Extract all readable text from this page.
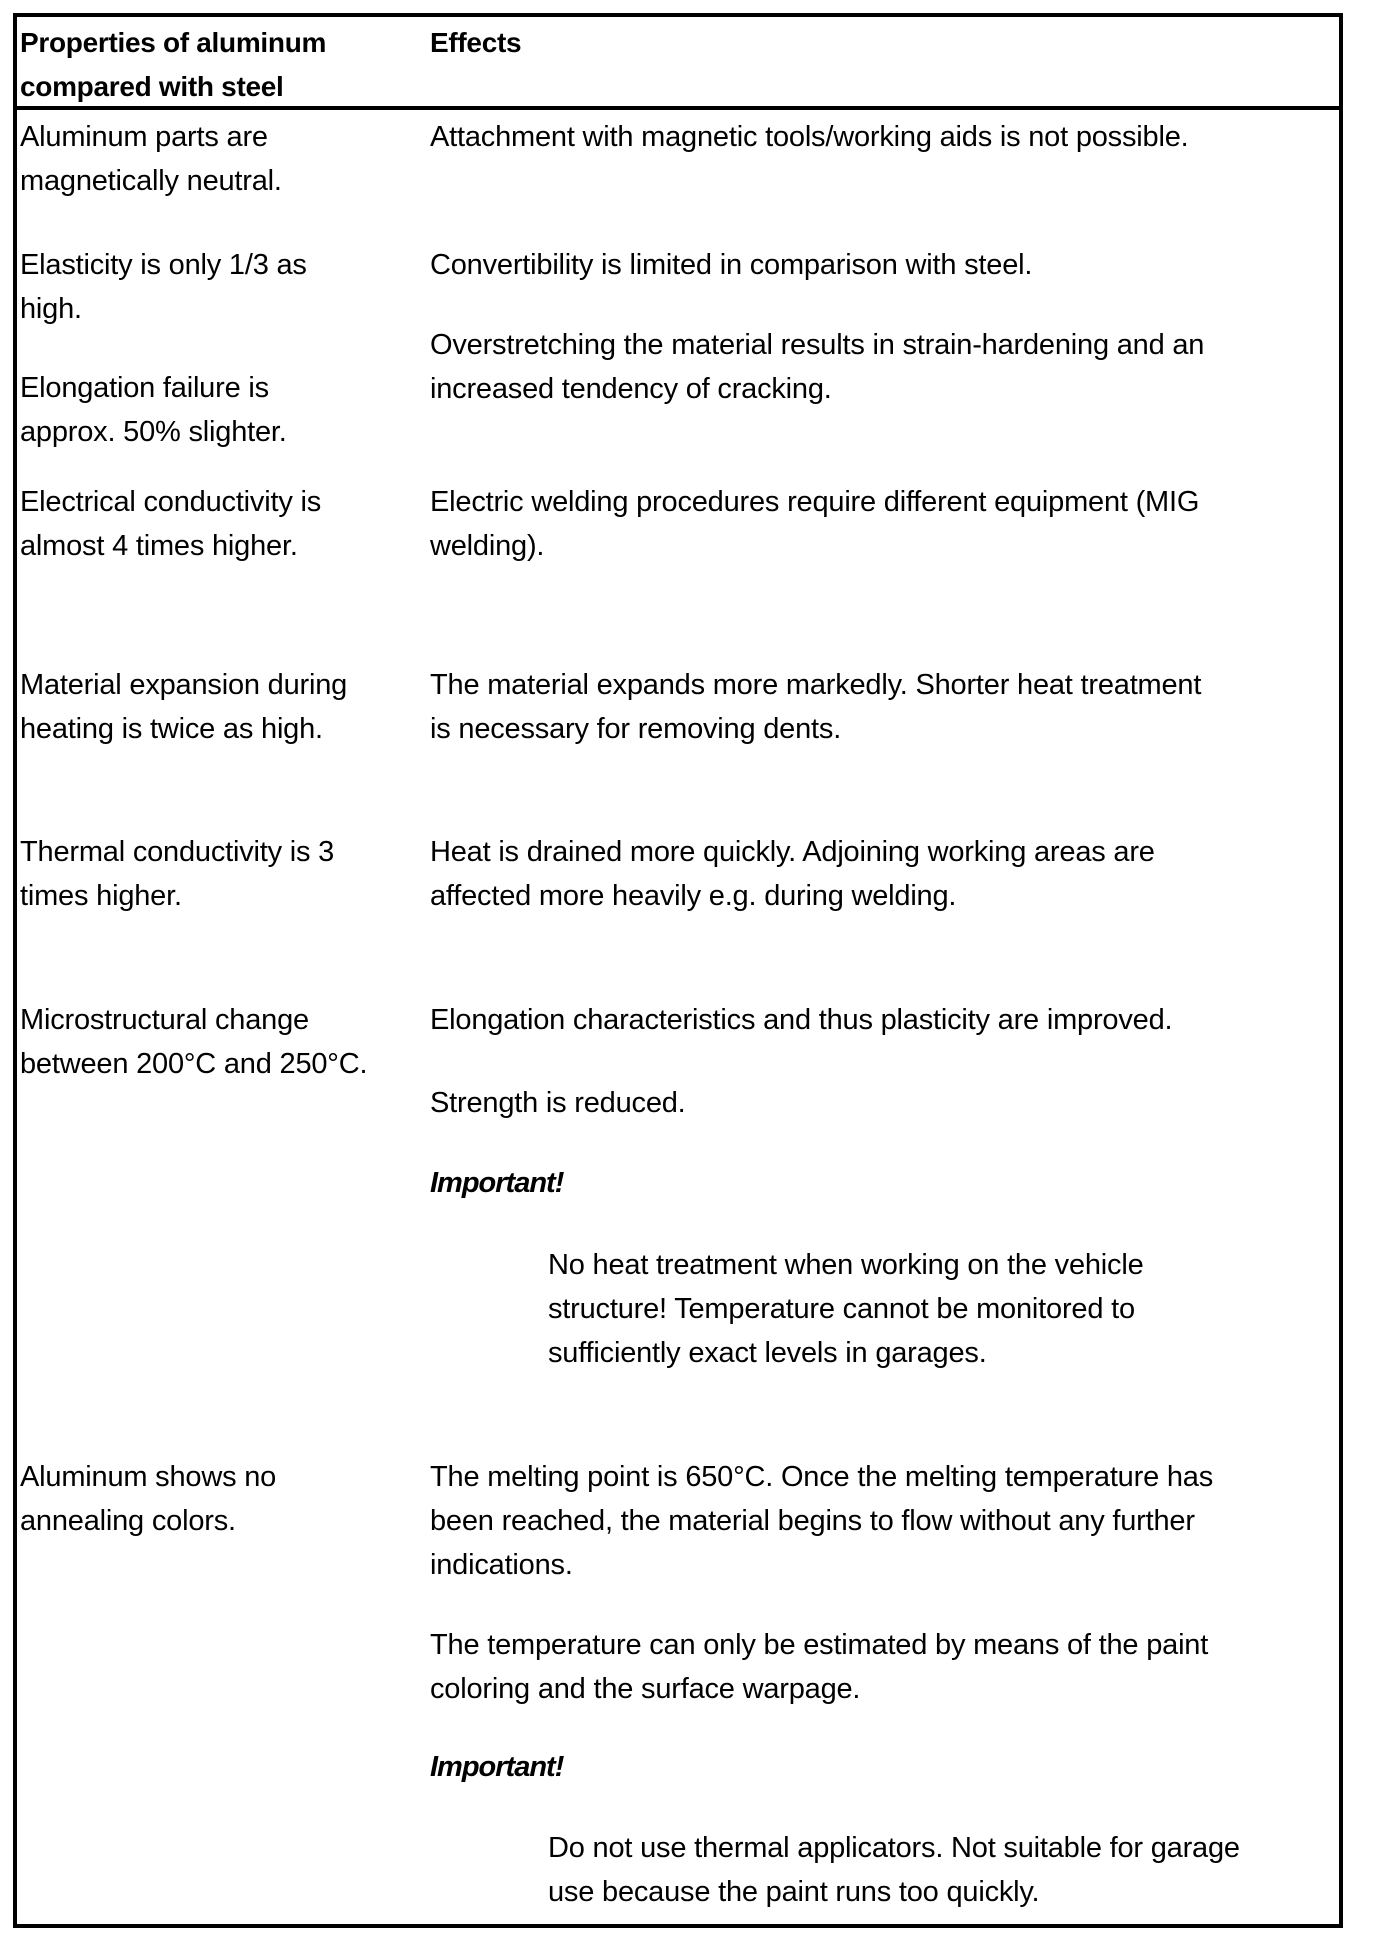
Properties of aluminum
compared with steel
Effects
Aluminum parts are
magnetically neutral.
Attachment with magnetic tools/working aids is not possible.
Elasticity is only 1/3 as
high.
Elongation failure is
approx. 50% slighter.
Convertibility is limited in comparison with steel.
Overstretching the material results in strain-hardening and an
increased tendency of cracking.
Electrical conductivity is
almost 4 times higher.
Electric welding procedures require different equipment (MIG
welding).
Material expansion during
heating is twice as high.
The material expands more markedly. Shorter heat treatment
is necessary for removing dents.
Thermal conductivity is 3
times higher.
Heat is drained more quickly. Adjoining working areas are
affected more heavily e.g. during welding.
Microstructural change
between 200°C and 250°C.
Elongation characteristics and thus plasticity are improved.
Strength is reduced.
Important!
No heat treatment when working on the vehicle
structure! Temperature cannot be monitored to
sufficiently exact levels in garages.
Aluminum shows no
annealing colors.
The melting point is 650°C. Once the melting temperature has
been reached, the material begins to flow without any further
indications.
The temperature can only be estimated by means of the paint
coloring and the surface warpage.
Important!
Do not use thermal applicators. Not suitable for garage
use because the paint runs too quickly.
